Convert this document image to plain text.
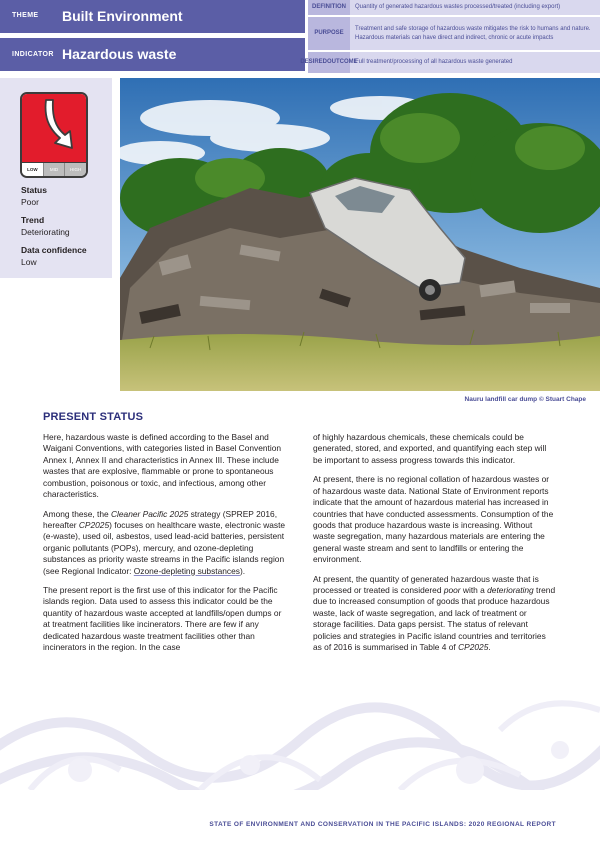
THEME Built Environment
INDICATOR Hazardous waste
DEFINITION	Quantity of generated hazardous wastes processed/treated (including export)
PURPOSE
Treatment and safe storage of hazardous waste mitigates the risk to humans and nature. Hazardous materials can have direct and indirect, chronic or acute impacts
DESIRED OUTCOME
Full treatment/processing of all hazardous waste generated
LOW	MID	HIGH
Status
Poor
Trend
Deteriorating
Data confidence
Low
Nauru landfill car dump © Stuart Chape
PRESENT STATUS

Here, hazardous waste is defined according to the Basel and Waigani Conventions, with categories listed in Basel Convention Annex I, Annex II and characteristics in Annex III. These include wastes that are explosive, flammable or prone to spontaneous combustion, poisonous or toxic, and infectious, among other characteristics.

Among these, the Cleaner Pacific 2025 strategy (SPREP 2016, hereafter CP2025) focuses on healthcare waste, electronic waste (e-waste), used oil, asbestos, used lead-acid batteries, persistent organic pollutants (POPs), mercury, and ozone-depleting substances as priority waste streams in the Pacific islands region (see Regional Indicator: Ozone-depleting substances).

The present report is the first use of this indicator for the Pacific islands region. Data used to assess this indicator could be the quantity of hazardous waste accepted at landfills/open dumps or at treatment facilities like incinerators. There are few if any dedicated hazardous waste treatment facilities other than incinerators in the region. In the case

of highly hazardous chemicals, these chemicals could be generated, stored, and exported, and quantifying each step will be important to assess progress towards this indicator.

At present, there is no regional collation of hazardous wastes or of hazardous waste data. National State of Environment reports indicate that the amount of hazardous material has increased in countries that have conducted assessments. Consumption of the goods that produce hazardous waste is increasing. Without waste segregation, many hazardous materials are entering the general waste stream and sent to landfills or entering the environment.

At present, the quantity of generated hazardous waste that is processed or treated is considered poor with a deteriorating trend due to increased consumption of goods that produce hazardous waste, lack of waste segregation, and lack of treatment or storage facilities. Data gaps persist. The status of relevant policies and strategies in Pacific island countries and territories as of 2016 is summarised in Table 4 of CP2025.

STATE OF ENVIRONMENT AND CONSERVATION IN THE PACIFIC ISLANDS: 2020 REGIONAL REPORT
